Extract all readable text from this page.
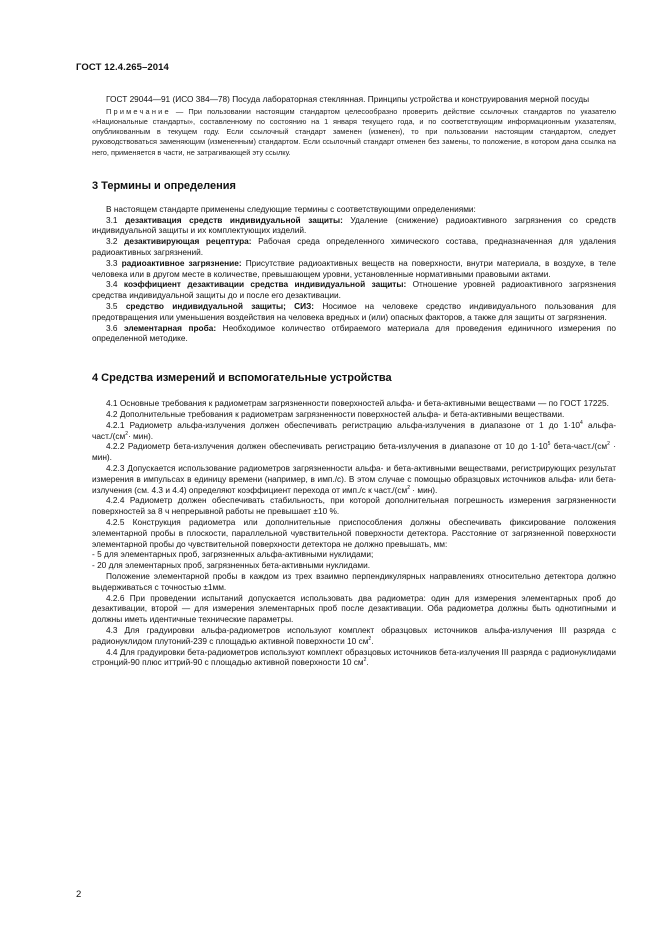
ГОСТ 12.4.265–2014

ГОСТ 29044—91 (ИСО 384—78) Посуда лабораторная стеклянная. Принципы устройства и конструирования мерной посуды

Примечание — При пользовании настоящим стандартом целесообразно проверить действие ссылочных стандартов по указателю «Национальные стандарты», составленному по состоянию на 1 января текущего года, и по соответствующим информационным указателям, опубликованным в текущем году. Если ссылочный стандарт заменен (изменен), то при пользовании настоящим стандартом, следует руководствоваться заменяющим (измененным) стандартом. Если ссылочный стандарт отменен без замены, то положение, в котором дана ссылка на него, применяется в части, не затрагивающей эту ссылку.

3 Термины и определения

В настоящем стандарте применены следующие термины с соответствующими определениями:

3.1 дезактивация средств индивидуальной защиты: Удаление (снижение) радиоактивного загрязнения со средств индивидуальной защиты и их комплектующих изделий.

3.2 дезактивирующая рецептура: Рабочая среда определенного химического состава, предназначенная для удаления радиоактивных загрязнений.

3.3 радиоактивное загрязнение: Присутствие радиоактивных веществ на поверхности, внутри материала, в воздухе, в теле человека или в другом месте в количестве, превышающем уровни, установленные нормативными правовыми актами.

3.4 коэффициент дезактивации средства индивидуальной защиты: Отношение уровней радиоактивного загрязнения средства индивидуальной защиты до и после его дезактивации.

3.5 средство индивидуальной защиты; СИЗ: Носимое на человеке средство индивидуального пользования для предотвращения или уменьшения воздействия на человека вредных и (или) опасных факторов, а также для защиты от загрязнения.

3.6 элементарная проба: Необходимое количество отбираемого материала для проведения единичного измерения по определенной методике.

4 Средства измерений и вспомогательные устройства

4.1 Основные требования к радиометрам загрязненности поверхностей альфа- и бета-активными веществами — по ГОСТ 17225.

4.2 Дополнительные требования к радиометрам загрязненности поверхностей альфа- и бета-активными веществами.

4.2.1 Радиометр альфа-излучения должен обеспечивать регистрацию альфа-излучения в диапазоне от 1 до $1\cdot 10^4$ альфа-$част./(см^2\cdot мин)$.

4.2.2 Радиометр бета-излучения должен обеспечивать регистрацию бета-излучения в диапазоне от 10 до $1\cdot 10^5$ бета-$част./(см^2 \cdot мин)$.

4.2.3 Допускается использование радиометров загрязненности альфа- и бета-активными веществами, регистрирующих результат измерения в импульсах в единицу времени (например, в имп./с). В этом случае с помощью образцовых источников альфа- или бета-излучения (см. 4.3 и 4.4) определяют коэффициент перехода от имп./с к $част./(см^2 \cdot мин)$.

4.2.4 Радиометр должен обеспечивать стабильность, при которой дополнительная погрешность измерения загрязненности поверхностей за 8 ч непрерывной работы не превышает ±10 %.

4.2.5 Конструкция радиометра или дополнительные приспособления должны обеспечивать фиксирование положения элементарной пробы в плоскости, параллельной чувствительной поверхности детектора. Расстояние от загрязненной поверхности элементарной пробы до чувствительной поверхности детектора не должно превышать, мм:

- 5 для элементарных проб, загрязненных альфа-активными нуклидами;

- 20 для элементарных проб, загрязненных бета-активными нуклидами.

Положение элементарной пробы в каждом из трех взаимно перпендикулярных направлениях относительно детектора должно выдерживаться с точностью ±1мм.

4.2.6 При проведении испытаний допускается использовать два радиометра: один для измерения элементарных проб до дезактивации, второй — для измерения элементарных проб после дезактивации. Оба радиометра должны быть однотипными и должны иметь идентичные технические параметры.

4.3 Для градуировки альфа-радиометров используют комплект образцовых источников альфа-излучения III разряда с радионуклидом плутоний-239 с площадью активной поверхности 10 $см^2$.

4.4 Для градуировки бета-радиометров используют комплект образцовых источников бета-излучения III разряда с радионуклидами стронций-90 плюс иттрий-90 с площадью активной поверхности 10 $см^2$.

2
